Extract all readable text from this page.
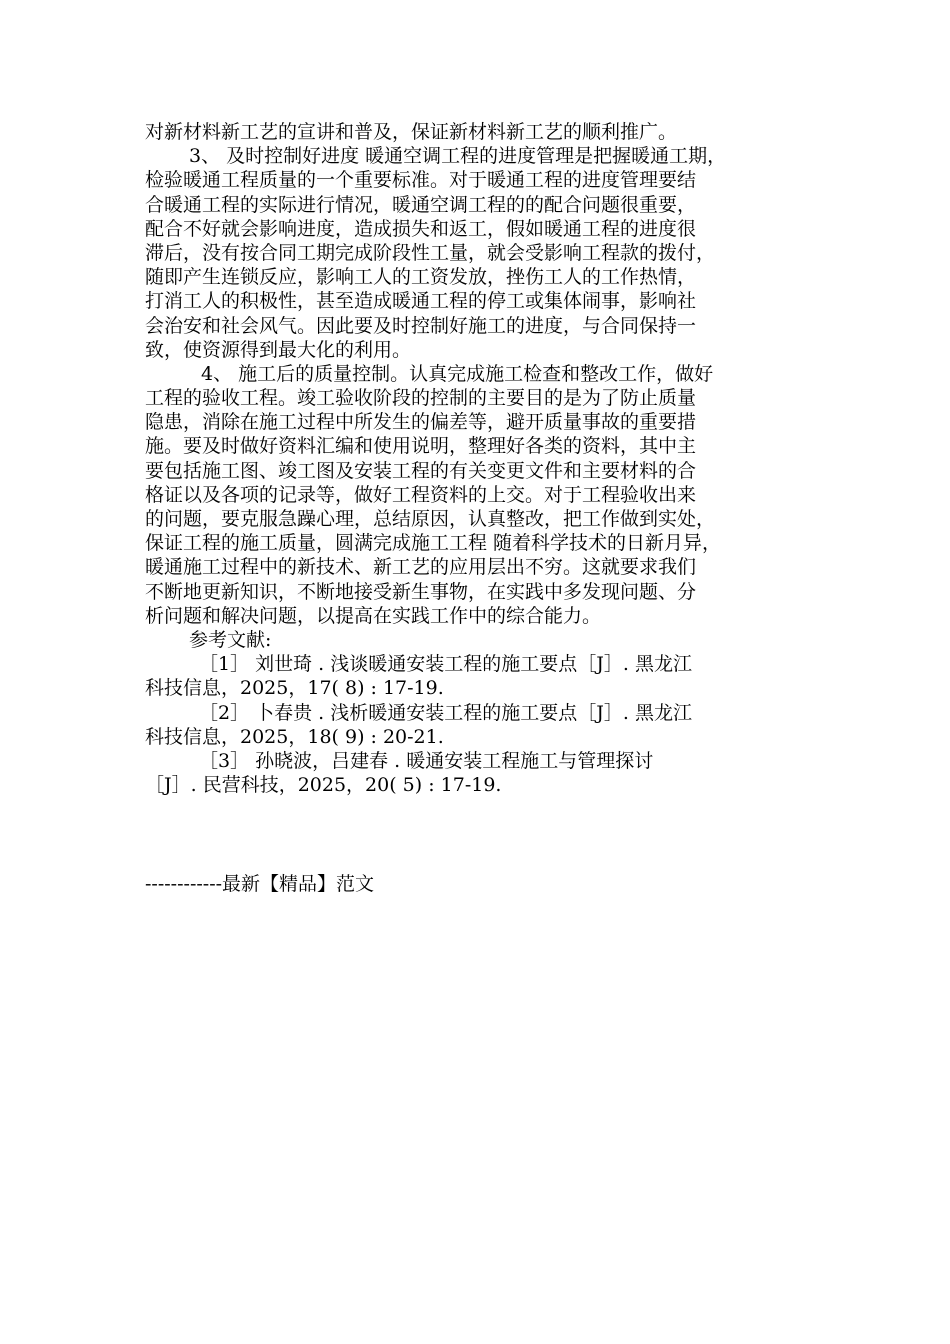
对新材料新工艺的宣讲和普及，保证新材料新工艺的顺利推广。
3、 及时控制好进度 暖通空调工程的进度管理是把握暖通工期，
检验暖通工程质量的一个重要标准。对于暖通工程的进度管理要结
合暖通工程的实际进行情况，暖通空调工程的的配合问题很重要，
配合不好就会影响进度，造成损失和返工，假如暖通工程的进度很
滞后，没有按合同工期完成阶段性工量，就会受影响工程款的拨付，
随即产生连锁反应，影响工人的工资发放，挫伤工人的工作热情，
打消工人的积极性，甚至造成暖通工程的停工或集体闹事，影响社
会治安和社会风气。因此要及时控制好施工的进度，与合同保持一
致，使资源得到最大化的利用。
4、 施工后的质量控制。认真完成施工检查和整改工作，做好
工程的验收工程。竣工验收阶段的控制的主要目的是为了防止质量
隐患，消除在施工过程中所发生的偏差等，避开质量事故的重要措
施。要及时做好资料汇编和使用说明，整理好各类的资料，其中主
要包括施工图、竣工图及安装工程的有关变更文件和主要材料的合
格证以及各项的记录等，做好工程资料的上交。对于工程验收出来
的问题，要克服急躁心理，总结原因，认真整改，把工作做到实处，
保证工程的施工质量，圆满完成施工工程 随着科学技术的日新月异，
暖通施工过程中的新技术、新工艺的应用层出不穷。这就要求我们
不断地更新知识，不断地接受新生事物，在实践中多发现问题、分
析问题和解决问题，以提高在实践工作中的综合能力。
参考文献:
［1］ 刘世琦 . 浅谈暖通安装工程的施工要点［J］. 黑龙江
科技信息，2025，17( 8) : 17-19.
［2］ 卜春贵 . 浅析暖通安装工程的施工要点［J］. 黑龙江
科技信息，2025，18( 9) : 20-21.
［3］ 孙晓波，吕建春 . 暖通安装工程施工与管理探讨
［J］. 民营科技，2025，20( 5) : 17-19.
------------最新【精品】范文
